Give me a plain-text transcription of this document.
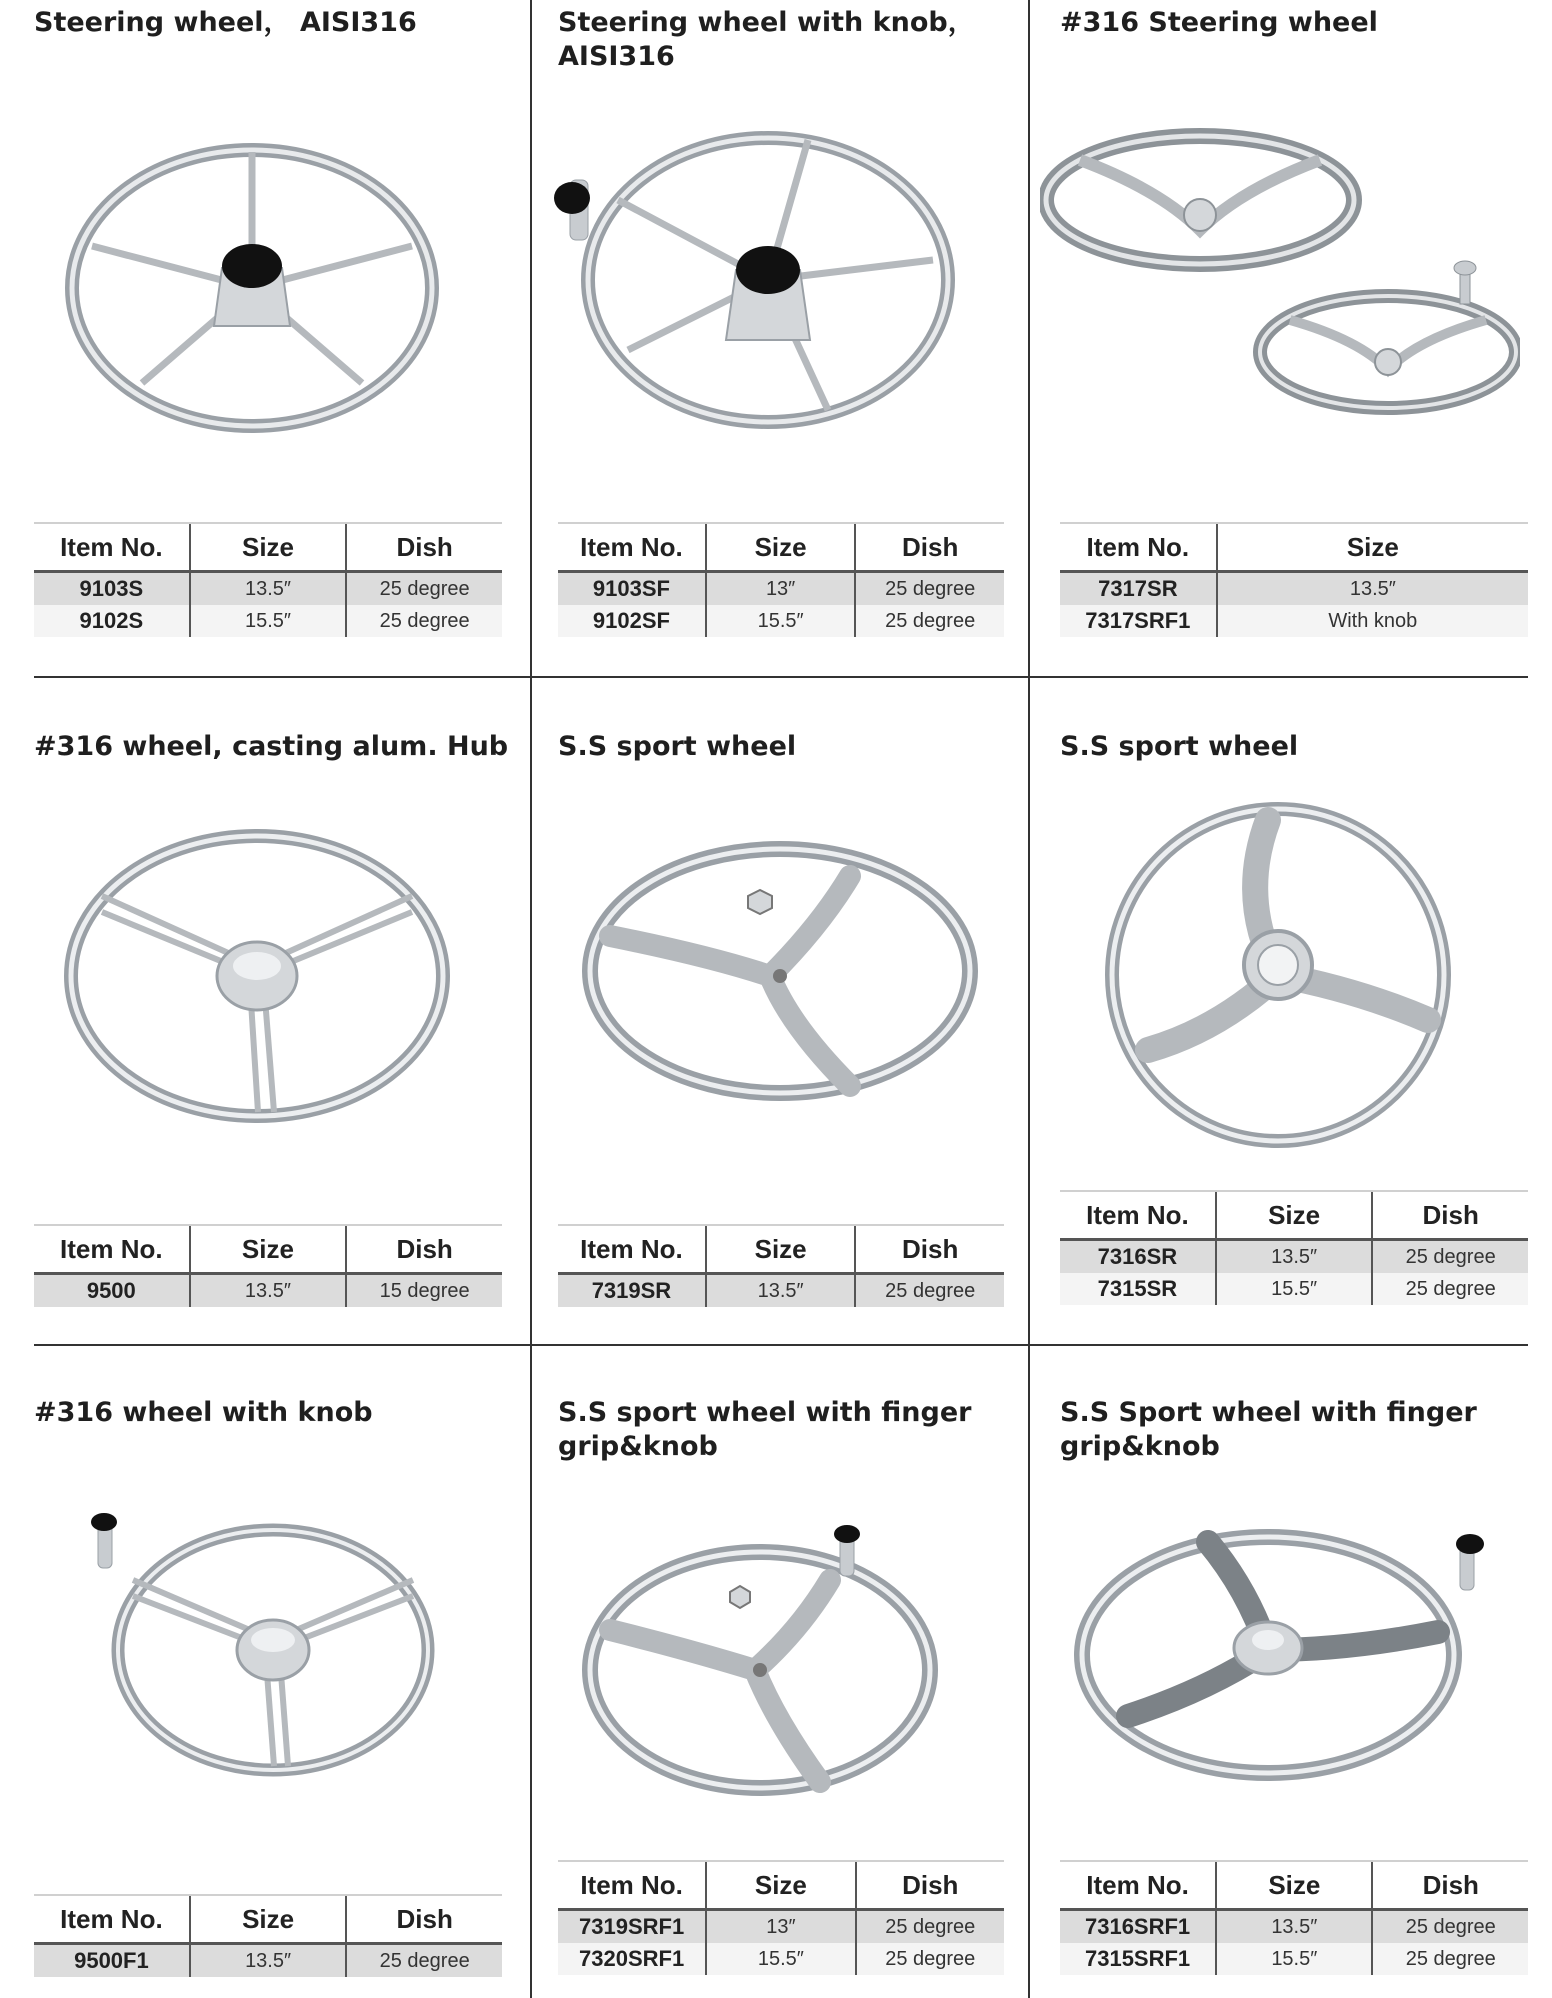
Steering wheel， AISI316
Item No.	Size	Dish
9103S	13.5″	25 degree
9102S	15.5″	25 degree
Steering wheel with knob，
AISI316
Item No.	Size	Dish
9103SF	13″	25 degree
9102SF	15.5″	25 degree
#316 Steering wheel
Item No.	Size
7317SR	13.5″
7317SRF1	With knob
#316 wheel, casting alum. Hub
Item No.	Size	Dish
9500	13.5″	15 degree
S.S sport wheel
Item No.	Size	Dish
7319SR	13.5″	25 degree
S.S sport wheel
Item No.	Size	Dish
7316SR	13.5″	25 degree
7315SR	15.5″	25 degree
#316 wheel with knob
Item No.	Size	Dish
9500F1	13.5″	25 degree
S.S sport wheel with finger
grip&knob
Item No.	Size	Dish
7319SRF1	13″	25 degree
7320SRF1	15.5″	25 degree
S.S Sport wheel with finger
grip&knob
Item No.	Size	Dish
7316SRF1	13.5″	25 degree
7315SRF1	15.5″	25 degree
